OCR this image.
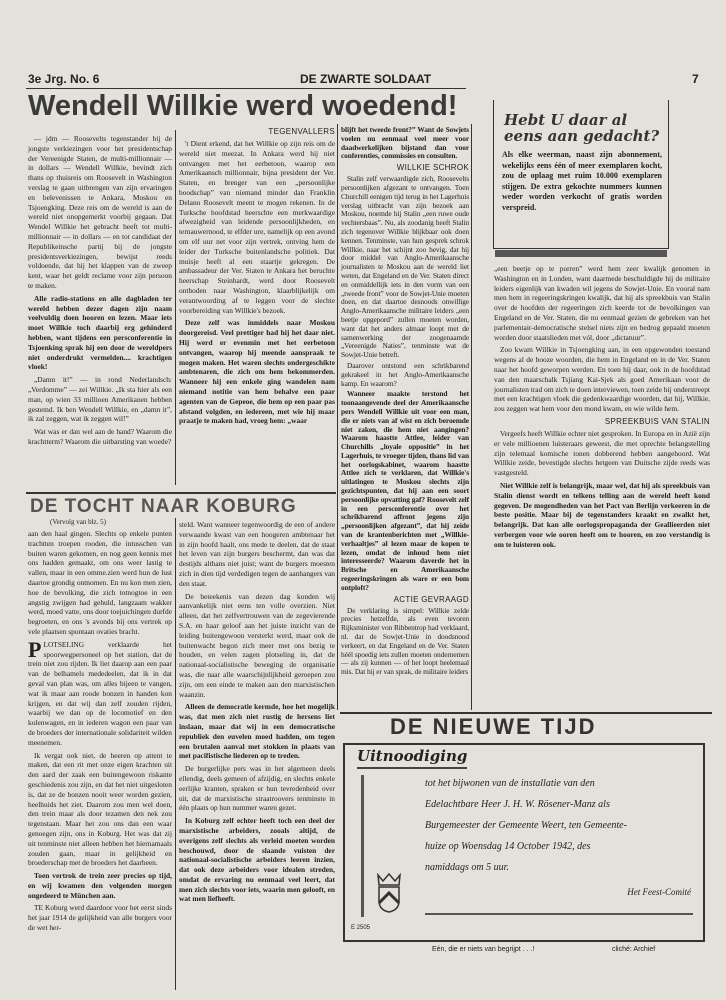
3e Jrg. No. 6	DE ZWARTE SOLDAAT	7
Wendell Willkie werd woedend!

— jdm — Roosevelts tegenstander bij de jongste verkiezingen voor het presidentschap der Vereenigde Staten, de multi-millionnair — in dollars — Wendell Willkie, bevindt zich thans op thuisreis om Roosevelt in Washington verslag te gaan uitbrengen van zijn ervaringen en belevenissen te Ankara, Moskou en Tsjoengking. Deze reis om de wereld is aan de wereld niet onopgemerkt voorbij gegaan. Dat Wendel Willkie het gebracht heeft tot multi-millionnair — in dollars — en tot candidaat der Republikeinsche partij bij de jongste presidentsverkiezingen, bewijst reeds voldoende, dat hij het klappen van de zweep kent, waar het geldt reclame voor zijn persoon te maken.

Alle radio-stations en alle dagbladen ter wereld hebben dezer dagen zijn naam veelvuldig doen hooren en lezen. Maar iets moet Willkie toch daarbij erg gehinderd hebben, want tijdens een persconferentie in Tsjoenking sprak hij een door de wereldpers niet onderdrukt vermelden.... krachtigen vloek!

„Damn it!” — in rond Nederlandsch: „Verdomme” — zei Willkie. „Ik sta hier als een man, op wien 33 millioen Amerikanen hebben gestemd. Ik ben Wendell Willkie, en „damn it”, ik zal zeggen, wat ik zeggen wil!”

Wat was er dan wel aan de hand? Waarom die krachtterm? Waarom die uitbarsting van woede?

TEGENVALLERS

't Dient erkend, dat het Willkie op zijn reis om de wereld niet meezat. In Ankara werd hij niet ontvangen met het eerbetoon, waarop een Amerikaansch millionnair, bijna president der Ver. Staten, en brenger van een „persoonlijke boodschap” van niemand minder dan Franklin Delano Roosevelt meent te mogen rekenen. In de Turksche hoofdstad heerschte een merkwaardige afwezigheid van leidende persoonlijkheden, en ternauwernood, te elfder ure, namelijk op een avond om elf uur net voor zijn vertrek, ontving hem de leider der Turksche buitenlandsche politiek. Dat muisje heeft al een staartje gekregen. De ambassadeur der Ver. Staten te Ankara het beruchte heerschap Steinhardt, werd door Roosevelt ontboden naar Washington, klaarblijkelijk om verantwoording af te leggen voor de slechte voorbereiding van Willkie's bezoek.

Deze zelf was inmiddels naar Moskou doorgereisd. Veel prettiger had hij het daar niet. Hij werd er evenmin met het eerbetoon ontvangen, waarop hij meende aanspraak te mogen maken. Het waren slechts ondergeschikte ambtenaren, die zich om hem bekommerden. Wanneer hij een enkele ging wandelen nam niemand notitie van hem behalve een paar agenten van de Gepeoe, die hem op een paar pas afstand volgden, en iedereen, met wie hij maar praatje te maken had, vroeg hem: „waar

blijft het tweede front?” Want de Sowjets voelen nu eenmaal veel meer voor daadwerkelijken bijstand dan voor conferenties, commissies en consulten.

WILLKIE SCHROK

Stalin zelf verwaardigde zich, Roosevelts persoonlijken afgezant te ontvangen. Toen Churchill eenigen tijd terug in het Lagerhuis verslag uitbracht van zijn bezoek aan Moskou, noemde hij Stalin „een ruwe oude vechtersbaas”. Nu, als zoodanig heeft Stalin zich tegenover Willkie blijkbaar ook doen kennen. Tenminste, van hun gesprek schrok Willkie, naar het schijnt zoo hevig, dat hij door middel van Anglo-Amerikaansche journalisten te Moskou aan de wereld liet weten, dat Engeland en de Ver. Staten direct en onmiddellijk iets in den vorm van een „tweede front” voor de Sowjet-Unie moeten doen, en dat daartoe desnoods onwillige Anglo-Amerikaansche militaire leiders „een beetje opgepord” zullen moeten worden, want dat het anders almaar loopt met de samenwerking der zoogenaamde „Vereenigde Naties”, tenminste wat de Sowjet-Unie betreft.

Daarover ontstond een schrikbarend gekrakeel in het Anglo-Amerikaansche kamp. En waarom?

Wanneer maakte terstond het toonaangevende deel der Amerikaansche pers Wendell Willkie uit voor een man, die er niets van af wist en zich beroemde niet zaken, die hem niet aangingen? Waarom haastte Attlee, leider van Churchills „loyale oppositie” in het Lagerhuis, te vroeger tijden, thans lid van het oorlogskabinet, waarom haastte Attlee zich te verklaren, dat Willkie's uitlatingen te Moskou slechts zijn gezichtspunten, dat hij aan een soort persoonlijke opvatting gaf? Roosevelt zelf in een persconferentie over het schrikbarend affront jegens zijn „persoonlijken afgezant”, dat hij zeide van de krantenberichten met „Willkie-verhaaltjes” al lezen maar de kopen te lezen, omdat de inhoud hem niet interesseerde? Waarom daverde het in Britsche en Amerikaansche regeeringskringen als ware er een bom ontploft?

ACTIE GEVRAAGD

De verklaring is simpel: Willkie zelde precies hetzelfde, als even tevoren Rijksminister von Ribbentrop had verklaard, nl. dat de Sowjet-Unie in doodsnood verkeert, en dat Engeland en de Ver. Staten héél spoedig iets zullen moeten ondernemen — als zij kunnen — of het loopt heelemaal mis. Dat hij er van sprak, de militaire leiders

Hebt U daar al eens aan gedacht?
Als elke weerman, naast zijn abonnement, wekelijks eens één of meer exemplaren kocht, zou de oplaag met ruim 10.000 exemplaren stijgen. De extra gekochte nummers kunnen weder worden verkocht of gratis worden verspreid.

„een beetje op te porren” werd hem zeer kwalijk genomen in Washington en in Londen, want daarmede beschuldigde hij de militaire leiders eigenlijk van kwaden wil jegens de Sowjet-Unie. En vooral nam men hem in regeeringskringen kwalijk, dat hij als spreekbuis van Stalin over de hoofden der regeeringen zich keerde tot de bevolkingen van Engeland en de Ver. Staten, die nu eenmaal gezien de gebreken van het parlementair-democratische stelsel niets zijn en bedrog gepaald moeten worden door staatslieden met vól, door „dictatuur”.

Zoo kwam Willkie in Tsjoengking aan, in een opgewonden toestand wegens al de booze woorden, die hem in Engeland en in de Ver. Staten naar het hoofd geworpen werden. En toen hij daar, ook in de hoofdstad van den maarschalk Tsjiang Kai-Sjek als goed Amerikaan voor de journalisten trad om zich te doen interviewen, toen zeide hij onderstreept met een krachtigen vloek die gedenkwaardige woorden, dat hij, Willkie, zou zeggen wat hem voor den mond kwam, en wie wilde hem.

SPREEKBUIS VAN STALIN

Vergeefs heeft Willkie echter niet gesproken. In Europa en in Azië zijn er vele millioenen luisteraars geweest, die met oprechte belangstelling zijn telemaal komische tonen dobberend hebben aangehoord. Wat Willkie zeide, bevestigde slechts hetgeen van Duitsche zijde reeds was vastgesteld.

Niet Willkie zelf is belangrijk, maar wel, dat hij als spreekbuis van Stalin dienst wordt en telkens telling aan de wereld heeft kond gegeven. De mogendheden van het Pact van Berlijn verkeeren in de beste positie. Maar bij de tegenstanders kraakt en zwalkt het, belangrijk. Dat kan alle oorlogspropaganda der Geallieerden niet verbergen voor wie ooren heeft om te hooren, en zoo verstandig is om te luisteren ook.

DE TOCHT NAAR KOBURG
(Vervolg van blz. 5)

aan den haal gingen. Slechts op enkele punten trachtten troepen rooden, die intusschen van buiten waren gekomen, en nog geen kennis met ons hadden gemaakt, om ons weer lastig te vallen, maar in een omme.zien werd hun de lust daartoe grondig ontnomen. En nu kon men zien, hoe de bevolking, die zich totnogtoe in een angstig zwijgen had gehuld, langzaam wakker werd, moed vatte, ons door toejuichingen durfde begroeten, en ons 's avonds bij ons vertrek op vele plaatsen spontaan ovaties bracht.

PLOTSELING verklaarde het spoorwegpersoneel op het station, dat de trein niet zou rijden. Ik liet daarop aan een paar van de belhamels mededeelen, dat ik in dat geval van plan was, om alles bijeen te vangen, wat ik maar aan roode bonzen in handen kon krijgen, en dat wij dan zelf zouden rijden, waarbij we dan op de locomotief en den kolenwagen, en in iederen wagon een paar van de broeders der internationale solidariteit wilden meenemen.

Ik vergat ook niet, de heeren op attent te maken, dat een rit met onze eigen krachten uit den aard der zaak een buitengewoon riskante geschiedenis zou zijn, en dat het niet uitgesloten is, dat ze de bonzen nooit weer worden gezien, heelhuids het ziet. Daarom zou men wel doen, den trein maar als door tezamen den nek zou tegenstaan. Maar het zou ons dan een waar genoegen zijn, ons in Koburg. Het was dat zij uit tenminste niet alleen hebben het hiernamaals zouden gaan, maar in gelijkheid en broederschap met de broeders het daarheen.

Toen vertrok de trein zeer precies op tijd, en wij kwamen den volgenden morgen ongedeerd te München aan.

TE Koburg werd daardoor voor het eerst sinds het jaar 1914 de gelijkheid van alle burgers voor de wet her-

steld. Want wanneer tegenwoordig de een of andere verwaande kwast van een hoogeren ambtenaar het in zijn hoofd haalt, ons mede te deelen, dat de staat het leven van zijn burgers beschermt, dan was dat destijds althans niet juist; want de burgers moesten zich in dien tijd verdedigen tegen de aanhangers van den staat.

De beteekenis van dezen dag konden wij aanvankelijk niet eens ten volle overzien. Niet alleen, dat het zelfvertrouwen van de zegevierende S.A. en haar geloof aan het juiste inzicht van de leiding buitengewoon versterkt werd, maar ook de buitenwacht begon zich meer met ons bezig te houden, en velen zagen plotseling in, dat de nationaal-socialistische beweging de organisatie was, die naar alle waarschijnlijkheid geroepen zou zijn, om een einde te maken aan den marxistischen waanzin.

Alleen de democratie kermde, hoe het mogelijk was, dat men zich niet rustig de hersens liet inslaan, maar dat wij in een democratische republiek den euvelen moed hadden, om tegen een brutalen aanval met stokken in plaats van met pacifistische liederen op te treden.

De burgerlijke pers was in het algemeen deels ellendig, deels gemeen of afzijdig, en slechts enkele eerlijke kranten, spraken er hun tevredenheid over uit, dat de marxistische straatroovers tenminste in één plaats op hun nummer waren gezet.

In Koburg zelf echter heeft toch een deel der marxistische arbeiders, zooals altijd, de overigens zelf slechts als verleid moeten worden beschouwd, door de slaande vuisten der nationaal-socialistische arbeiders leeren inzien, dat ook deze arbeiders voor idealen streden, omdat de ervaring nu eenmaal veel leert, dat men zich slechts voor iets, waarin men gelooft, en wat men liefheeft.

DE NIEUWE TIJD
Uitnoodiging
tot het bijwonen van de installatie van den
Edelachtbare Heer J. H. W. Rösener-Manz als
Burgemeester der Gemeente Weert, ten Gemeente-
huize op Woensdag 14 October 1942, des
namiddags om 5 uur.
Het Feest-Comité
E 2505
Eén, die er niets van begrijpt . . .!	cliché: Archief
